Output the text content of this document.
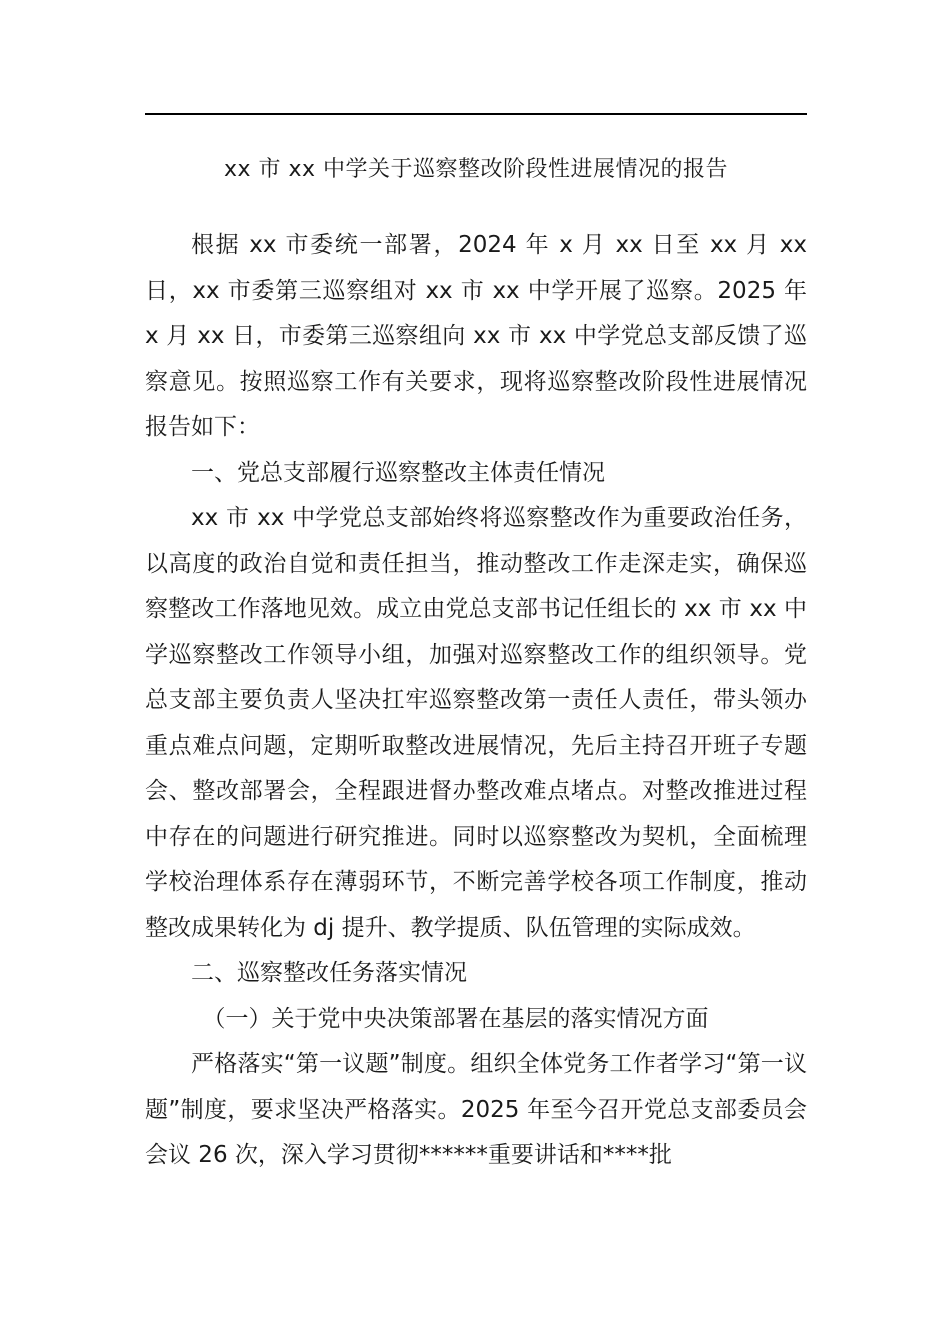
xx 市 xx 中学关于巡察整改阶段性进展情况的报告

根据 xx 市委统一部署，2024 年 x 月 xx 日至 xx 月 xx 日，xx 市委第三巡察组对 xx 市 xx 中学开展了巡察。2025 年 x 月 xx 日，市委第三巡察组向 xx 市 xx 中学党总支部反馈了巡察意见。按照巡察工作有关要求，现将巡察整改阶段性进展情况报告如下：

一、党总支部履行巡察整改主体责任情况

xx 市 xx 中学党总支部始终将巡察整改作为重要政治任务，以高度的政治自觉和责任担当，推动整改工作走深走实，确保巡察整改工作落地见效。成立由党总支部书记任组长的 xx 市 xx 中学巡察整改工作领导小组，加强对巡察整改工作的组织领导。党总支部主要负责人坚决扛牢巡察整改第一责任人责任，带头领办重点难点问题，定期听取整改进展情况，先后主持召开班子专题会、整改部署会，全程跟进督办整改难点堵点。对整改推进过程中存在的问题进行研究推进。同时以巡察整改为契机，全面梳理学校治理体系存在薄弱环节，不断完善学校各项工作制度，推动整改成果转化为 dj 提升、教学提质、队伍管理的实际成效。

二、巡察整改任务落实情况

（一）关于党中央决策部署在基层的落实情况方面

严格落实“第一议题”制度。组织全体党务工作者学习“第一议题”制度，要求坚决严格落实。2025 年至今召开党总支部委员会会议 26 次，深入学习贯彻******重要讲话和****批
